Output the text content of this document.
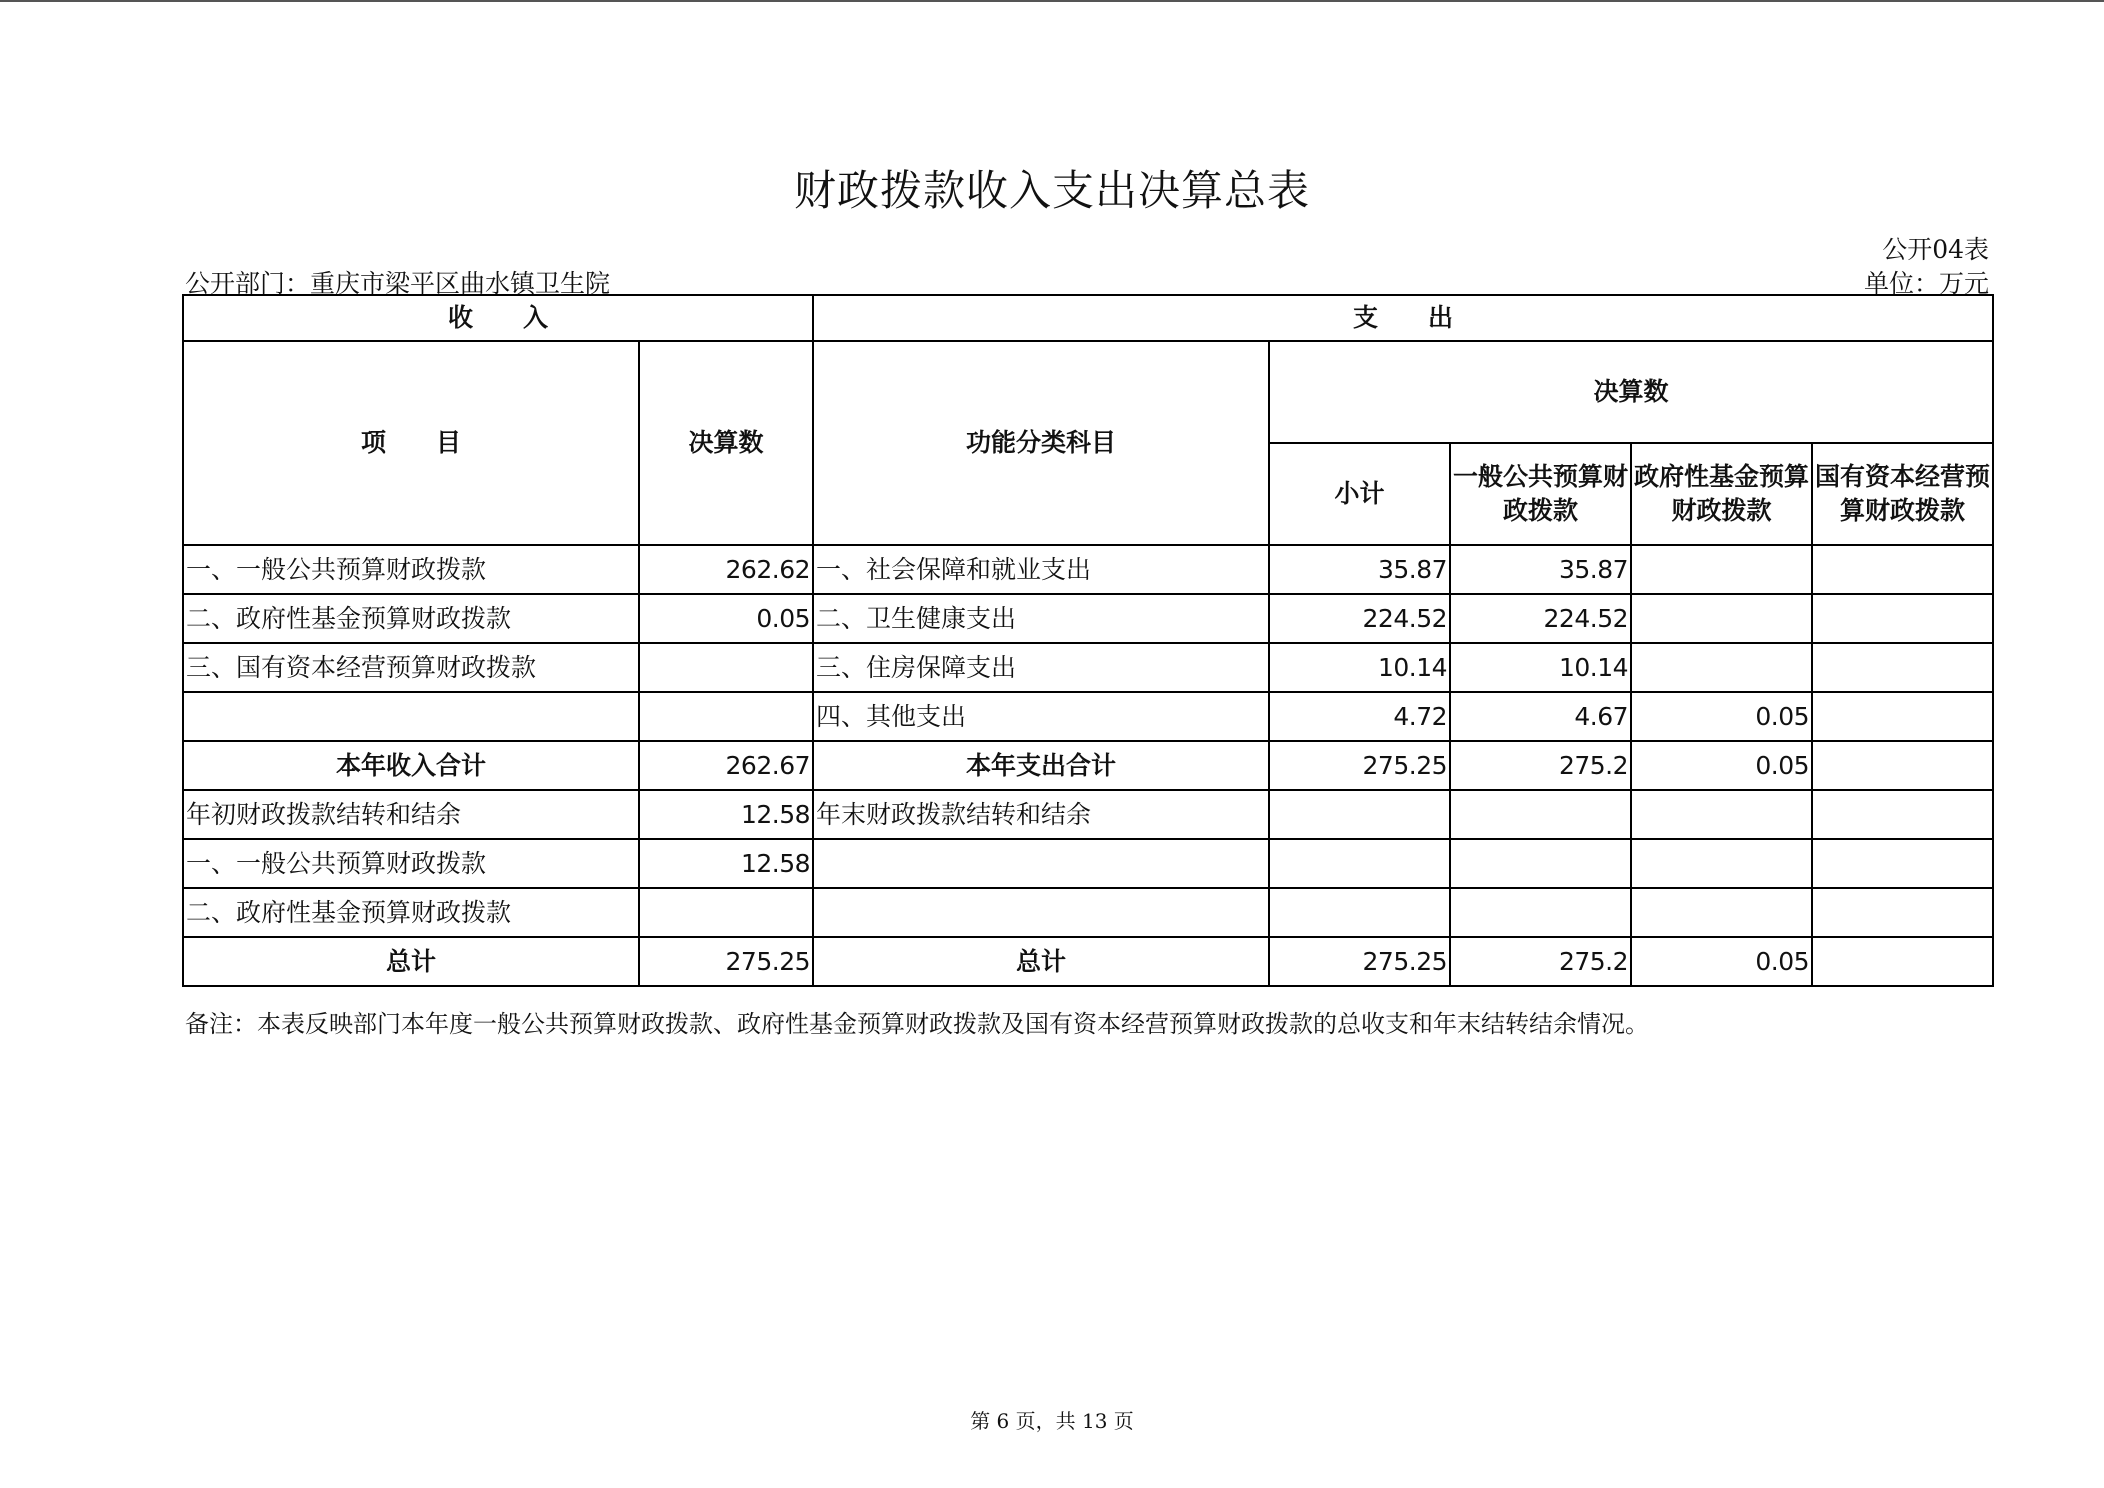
财政拨款收入支出决算总表
公开04表
公开部门：重庆市梁平区曲水镇卫生院	单位：万元
收　　入		支　　出				
项　　目	决算数	功能分类科目	决算数			
			小计	一般公共预算财政拨款	政府性基金预算财政拨款	国有资本经营预算财政拨款
一、一般公共预算财政拨款	262.62	一、社会保障和就业支出	35.87	35.87		
二、政府性基金预算财政拨款	0.05	二、卫生健康支出	224.52	224.52		
三、国有资本经营预算财政拨款		三、住房保障支出	10.14	10.14		
		四、其他支出	4.72	4.67	0.05	
本年收入合计	262.67	本年支出合计	275.25	275.2	0.05	
年初财政拨款结转和结余	12.58	年末财政拨款结转和结余				
一、一般公共预算财政拨款	12.58					
二、政府性基金预算财政拨款						
总计	275.25	总计	275.25	275.2	0.05	
备注：本表反映部门本年度一般公共预算财政拨款、政府性基金预算财政拨款及国有资本经营预算财政拨款的总收支和年末结转结余情况。
第 6 页，共 13 页
